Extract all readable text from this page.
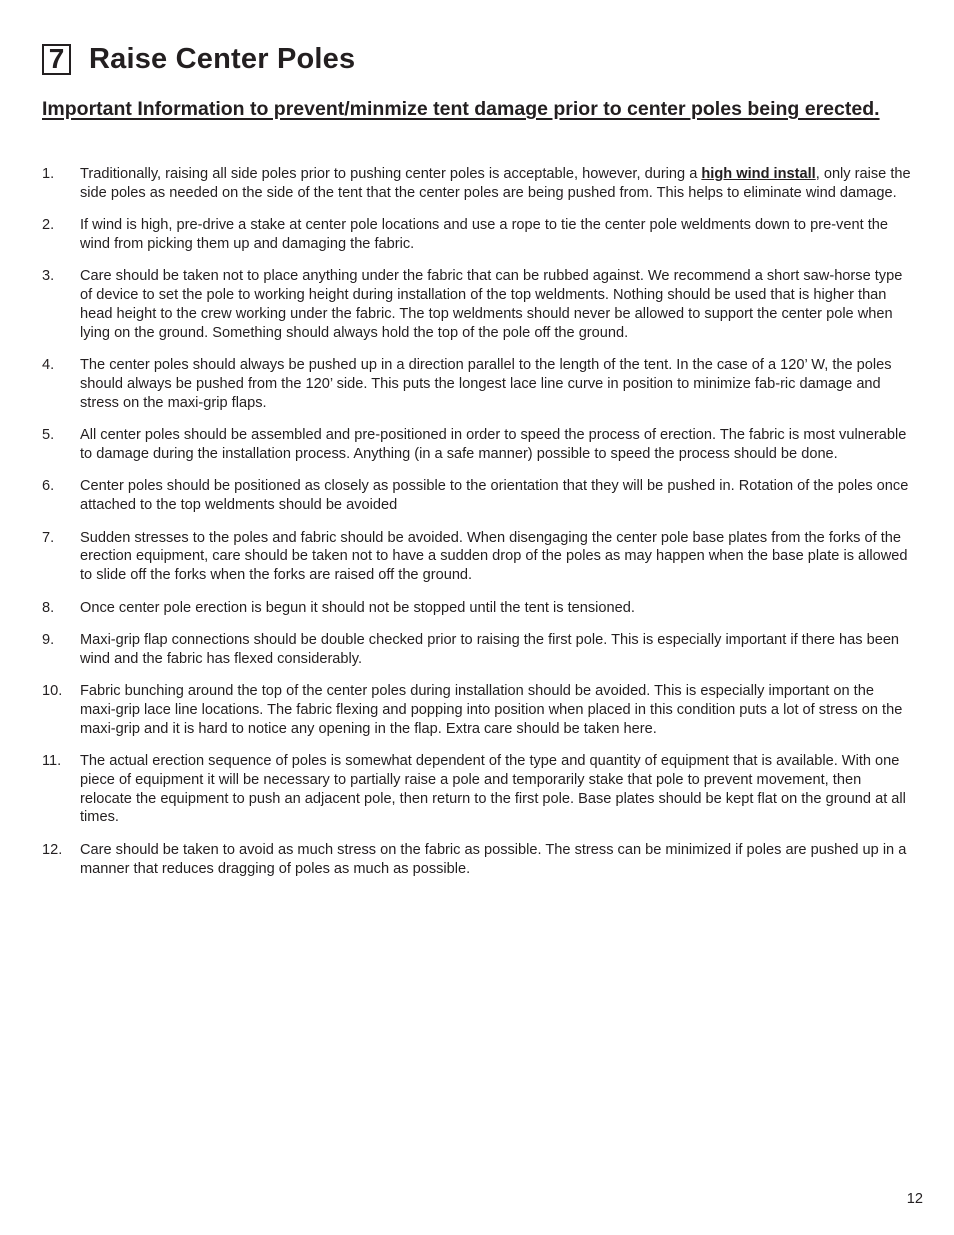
7 Raise Center Poles
Important Information to prevent/minmize tent damage prior to center poles being erected.
1.	Traditionally, raising all side poles prior to pushing center poles is acceptable, however, during a high wind install, only raise the side poles as needed on the side of the tent that the center poles are being pushed from. This helps to eliminate wind damage.
2.	If wind is high, pre-drive a stake at center pole locations and use a rope to tie the center pole weldments down to pre-vent the wind from picking them up and damaging the fabric.
3.	Care should be taken not to place anything under the fabric that can be rubbed against. We recommend a short saw-horse type of device to set the pole to working height during installation of the top weldments. Nothing should be used that is higher than head height to the crew working under the fabric. The top weldments should never be allowed to support the center pole when lying on the ground. Something should always hold the top of the pole off the ground.
4.	The center poles should always be pushed up in a direction parallel to the length of the tent. In the case of a 120’ W, the poles should always be pushed from the 120’ side. This puts the longest lace line curve in position to minimize fab-ric damage and stress on the maxi-grip flaps.
5.	All center poles should be assembled and pre-positioned in order to speed the process of erection. The fabric is most vulnerable to damage during the installation process. Anything (in a safe manner) possible to speed the process should be done.
6.	Center poles should be positioned as closely as possible to the orientation that they will be pushed in. Rotation of the poles once attached to the top weldments should be avoided
7.	Sudden stresses to the poles and fabric should be avoided. When disengaging the center pole base plates from the forks of the erection equipment, care should be taken not to have a sudden drop of the poles as may happen when the base plate is allowed to slide off the forks when the forks are raised off the ground.
8.	Once center pole erection is begun it should not be stopped until the tent is tensioned.
9.	Maxi-grip flap connections should be double checked prior to raising the first pole. This is especially important if there has been wind and the fabric has flexed considerably.
10.	Fabric bunching around the top of the center poles during installation should be avoided. This is especially important on the maxi-grip lace line locations. The fabric flexing and popping into position when placed in this condition puts a lot of stress on the maxi-grip and it is hard to notice any opening in the flap. Extra care should be taken here.
11.	The actual erection sequence of poles is somewhat dependent of the type and quantity of equipment that is available. With one piece of equipment it will be necessary to partially raise a pole and temporarily stake that pole to prevent movement, then relocate the equipment to push an adjacent pole, then return to the first pole. Base plates should be kept flat on the ground at all times.
12.	Care should be taken to avoid as much stress on the fabric as possible. The stress can be minimized if poles are pushed up in a manner that reduces dragging of poles as much as possible.
12
